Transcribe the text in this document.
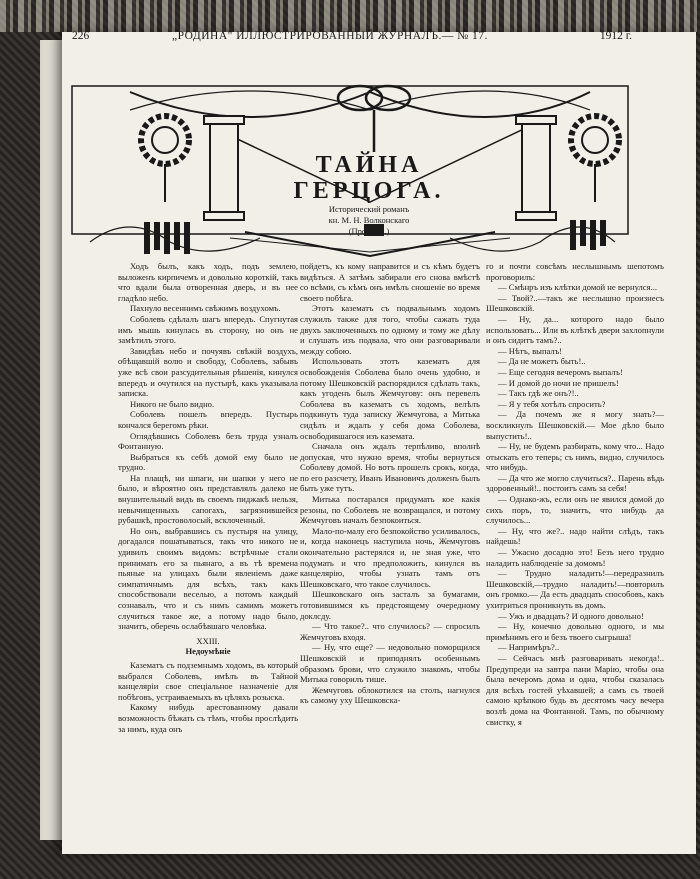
226	„РОДИНА" ИЛЛЮСТРИРОВАННЫЙ ЖУРНАЛЪ.— № 17.	1912 г.
ТАЙНА ГЕРЦОГА.
Исторический романъ
кн. М. Н. Волконскаго
(Продолж.)

Ходъ былъ, какъ ходъ, подъ землею, выложенъ кирпичемъ и довольно короткій, такъ что вдали была отворенная дверь, и въ нее гладѣло небо.

Пахнуло весеннимъ свѣжимъ воздухомъ.

Соболевъ сдѣлалъ шагъ впередъ. Спугнутая имъ мышь кинулась въ сторону, но онъ не замѣтилъ этого.

Завидѣвъ небо и почуявъ свѣжій воздухъ, обѣщавшій волю и свободу, Соболевъ, забывъ уже всѣ свои разсудительныя рѣшенія, кинулся впередъ и очутился на пустырѣ, какъ указывала записка.

Никого не было видно.

Соболевъ пошелъ впередъ. Пустырь кончался берегомъ рѣки.

Оглядѣвшись Соболевъ безъ труда узналъ Фонтанную.

Выбраться къ себѣ домой ему было не трудно.

На плащѣ, ни шпаги, ни шапки у него не было, и вѣроятно онъ представлялъ далеко не внушительный видъ въ своемъ пиджакѣ нельзя, невычищенныхъ сапогахъ, загрязнившейся рубашкѣ, простоволосый, всклоченный.

Но онъ, выбравшись съ пустыря на улицу, догадался пошатываться, такъ что никого не удивилъ своимъ видомъ: встрѣчные стали принимать его за пьянаго, а въ тѣ времена пьяные на улицахъ были явленіемъ даже симпатичнымъ для всѣхъ, такъ какъ способствовали веселью, а потомъ каждый сознавалъ, что и съ нимъ самимъ можетъ случиться такое же, а потому надо было, значитъ, оберечь ослабѣвшаго человѣка.

XXIII.

Недоумѣніе

Казематъ съ подземнымъ ходомъ, въ который выбрался Соболевъ, имѣлъ въ Тайной канцеляріи свое спеціальное назначеніе для побѣговъ, устраиваемыхъ въ цѣляхъ розыска.

Какому нибудь арестованному давали возможность бѣжать съ тѣмъ, чтобы прослѣдить за нимъ, куда онъ

пойдетъ, къ кому направится и съ кѣмъ будетъ видѣться. А затѣмъ забирали его снова вмѣстѣ со всѣми, съ кѣмъ онъ имѣлъ сношеніе во время своего побѣга.

Этотъ казематъ съ подвальнымъ ходомъ служилъ также для того, чтобы сажать туда двухъ заключенныхъ по одному и тому же дѣлу и слушать изъ подвала, что они разговаривали между собою.

Использовать этотъ казематъ для освобожденія Соболева было очень удобно, и потому Шешковскій распорядился сдѣлать такъ, какъ угоденъ былъ Жемчугову: онъ перевелъ Соболева въ казематъ съ ходомъ, велѣлъ подкинуть туда записку Жемчугова, а Митька сидѣлъ и ждалъ у себя дома Соболева, освободившагося изъ каземата.

Сначала онъ ждалъ терпѣливо, вполнѣ допуская, что нужно время, чтобы вернуться Соболеву домой. Но вотъ прошелъ срокъ, когда, по его разсчету, Иванъ Ивановичъ долженъ былъ быть уже тутъ.

Митька постарался придумать кое какія резоны, по Соболевъ не возвращался, и потому Жемчуговъ началъ безпокоиться.

Мало-по-малу его безпокойство усиливалось, и, когда наконецъ наступила ночь, Жемчуговъ окончательно растерялся и, не зная уже, что подумать и что предположить, кинулся въ канцелярію, чтобы узнать тамъ отъ Шешковскаго, что такое случилось.

Шешковскаго онъ засталъ за бумагами, готовившимся къ предстоящему очередному доклсду.

— Что такое?.. что случилось? — спросилъ Жемчуговъ входя.

— Ну, что еще? — недовольно поморщился Шешковскій и приподнялъ особеннымъ образомъ брови, что служило знакомъ, чтобы Митька говорилъ тише.

Жемчуговъ облокотился на столъ, нагнулся къ самому уху Шешковска-

го и почти совсѣмъ неслышнымъ шепотомъ проговорилъ:

— Смѣнръ изъ клѣтки домой не вернулся...

— Твой?..—такъ же неслышно произнесъ Шешковскій.

— Ну, да... которого надо было использовать... Или въ клѣткѣ двери захлопнули и онъ сидитъ тамъ?..

— Нѣтъ, выпалъ!

— Да не можетъ быть!..

— Еще сегодня вечеромъ выпалъ!

— И домой до ночи не пришелъ!

— Такъ гдѣ же онъ?!..

— Я у тебя хотѣлъ спросить?

— Да почемъ же я могу знать?— воскликнулъ Шешковскій.— Мое дѣло было выпустить!..

— Ну, не будемъ разбирать, кому что... Надо отыскать его теперь; съ нимъ, видно, случилось что нибудь.

— Да что же могло случиться?.. Парень вѣдь здоровенный!.. постоитъ самъ за себя!

— Однако-жъ, если онъ не явился домой до сихъ поръ, то, значитъ, что нибудь да случилось...

— Ну, что же?.. надо найти слѣдъ, такъ найдешь!

— Ужасно досадно это! Безъ него трудно наладить наблюденіе за домомъ!

— Трудно наладить!—передразнилъ Шешковскій,—трудно наладить!—повторилъ онъ громко.— Да есть двадцать способовъ, какъ ухитриться проникнуть въ домъ.

— Ужъ и двадцать? И одного довольно!

— Ну, конечно довольно одного, и мы примѣнимъ его и безъ твоего сыгрыша!

— Напримѣръ?..

— Сейчасъ мнѣ разговаривать некогда!.. Предупреди на завтра пани Марію, чтобы она была вечеромъ дома и одна, чтобы сказалась для всѣхъ гостей уѣхавшей; а самъ съ твоей самою крѣпкою будь въ десятомъ часу вечера возлѣ дома на Фонтанной. Тамъ, по обычному свистку, я
